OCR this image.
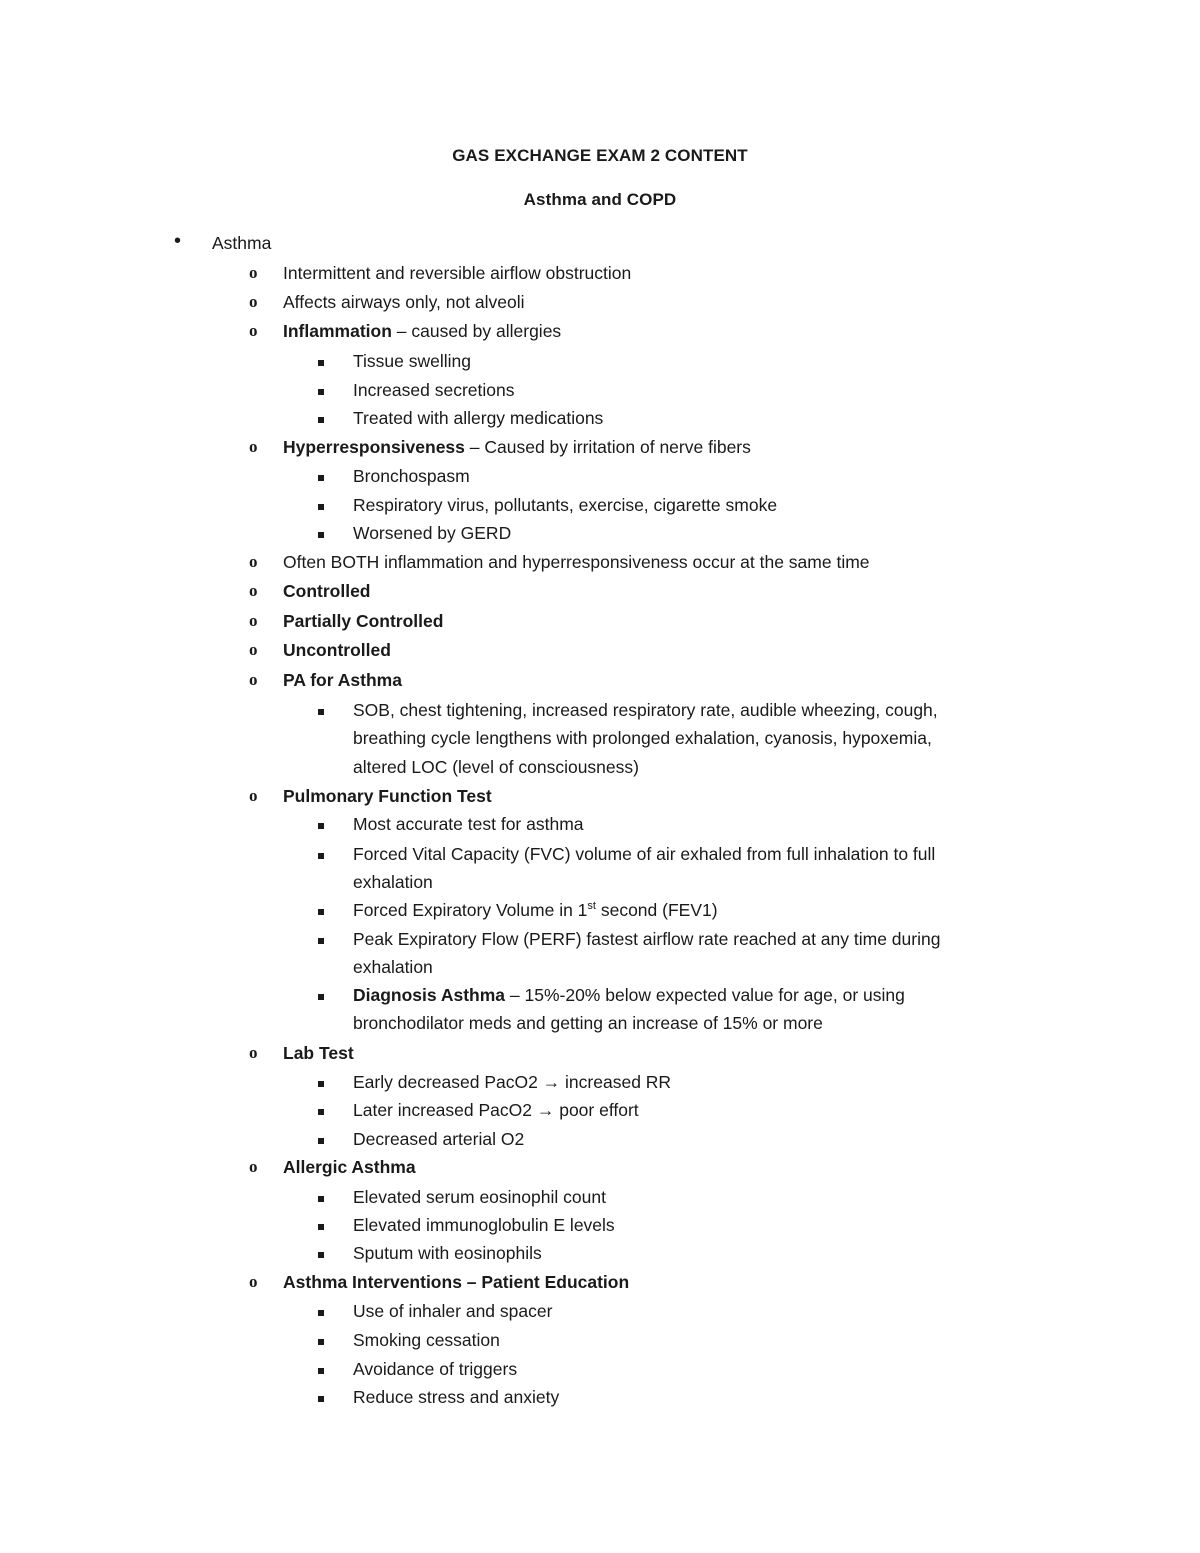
GAS EXCHANGE EXAM 2 CONTENT
Asthma and COPD
• Asthma
o Intermittent and reversible airflow obstruction
o Affects airways only, not alveoli
o Inflammation – caused by allergies
Tissue swelling
Increased secretions
Treated with allergy medications
o Hyperresponsiveness – Caused by irritation of nerve fibers
Bronchospasm
Respiratory virus, pollutants, exercise, cigarette smoke
Worsened by GERD
o Often BOTH inflammation and hyperresponsiveness occur at the same time
o Controlled
o Partially Controlled
o Uncontrolled
o PA for Asthma
SOB, chest tightening, increased respiratory rate, audible wheezing, cough,
breathing cycle lengthens with prolonged exhalation, cyanosis, hypoxemia,
altered LOC (level of consciousness)
o Pulmonary Function Test
Most accurate test for asthma
Forced Vital Capacity (FVC) volume of air exhaled from full inhalation to full
exhalation
Forced Expiratory Volume in 1st second (FEV1)
Peak Expiratory Flow (PERF) fastest airflow rate reached at any time during
exhalation
Diagnosis Asthma – 15%-20% below expected value for age, or using
bronchodilator meds and getting an increase of 15% or more
o Lab Test
Early decreased PacO2 → increased RR
Later increased PacO2 → poor effort
Decreased arterial O2
o Allergic Asthma
Elevated serum eosinophil count
Elevated immunoglobulin E levels
Sputum with eosinophils
o Asthma Interventions – Patient Education
Use of inhaler and spacer
Smoking cessation
Avoidance of triggers
Reduce stress and anxiety
